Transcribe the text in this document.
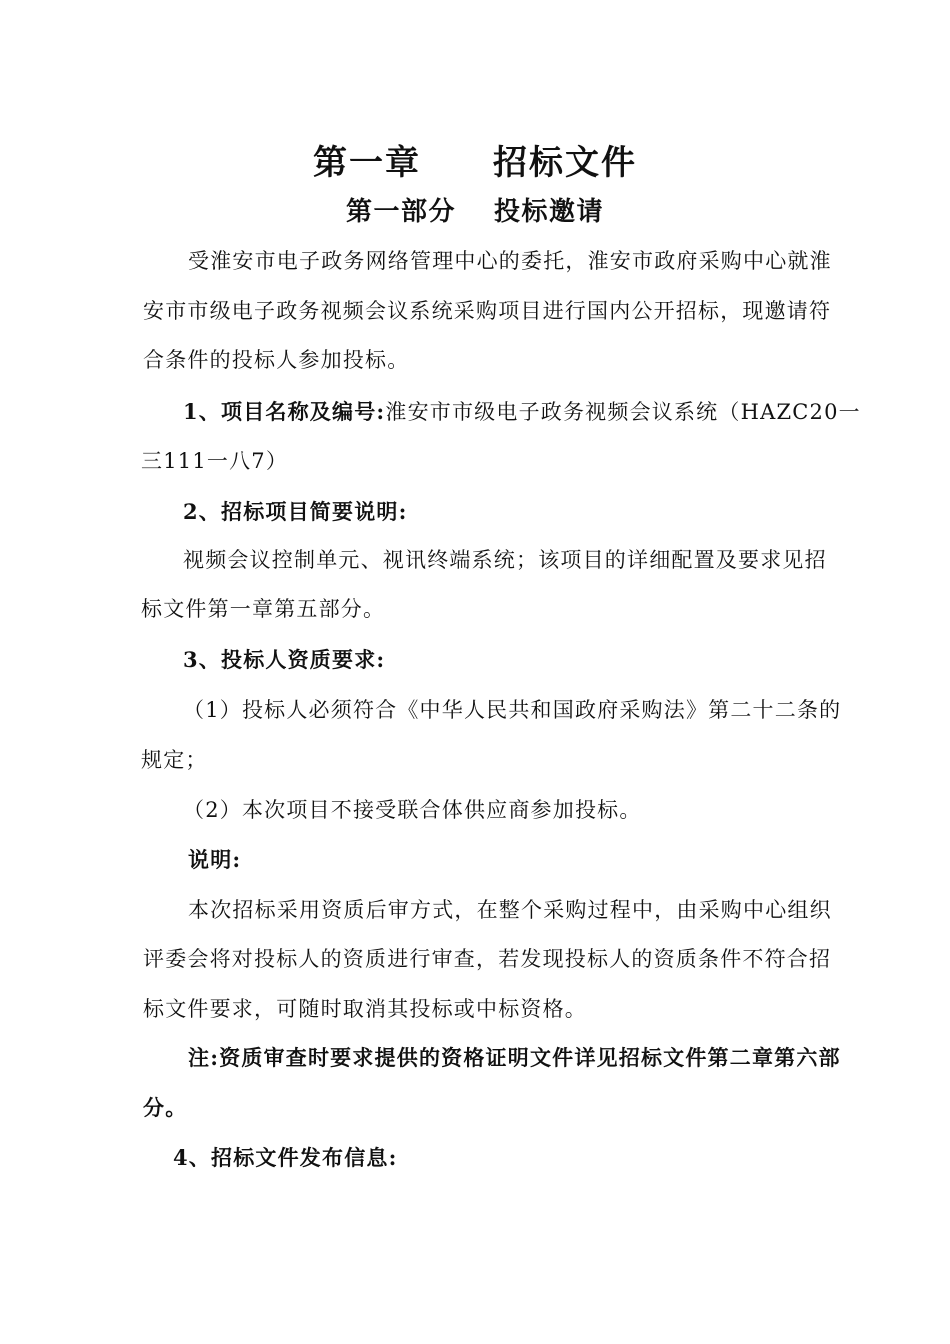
第一章　　招标文件
第一部分　 投标邀请
受淮安市电子政务网络管理中心的委托，淮安市政府采购中心就淮
安市市级电子政务视频会议系统采购项目进行国内公开招标，现邀请符
合条件的投标人参加投标。
1、项目名称及编号:淮安市市级电子政务视频会议系统（HAZC20一
三111一八7）
2、招标项目简要说明:
视频会议控制单元、视讯终端系统；该项目的详细配置及要求见招
标文件第一章第五部分。
3、投标人资质要求:
（1）投标人必须符合《中华人民共和国政府采购法》第二十二条的
规定；
（2）本次项目不接受联合体供应商参加投标。
说明:
本次招标采用资质后审方式，在整个采购过程中，由采购中心组织
评委会将对投标人的资质进行审查，若发现投标人的资质条件不符合招
标文件要求，可随时取消其投标或中标资格。
注:资质审查时要求提供的资格证明文件详见招标文件第二章第六部
分。
4、招标文件发布信息:
